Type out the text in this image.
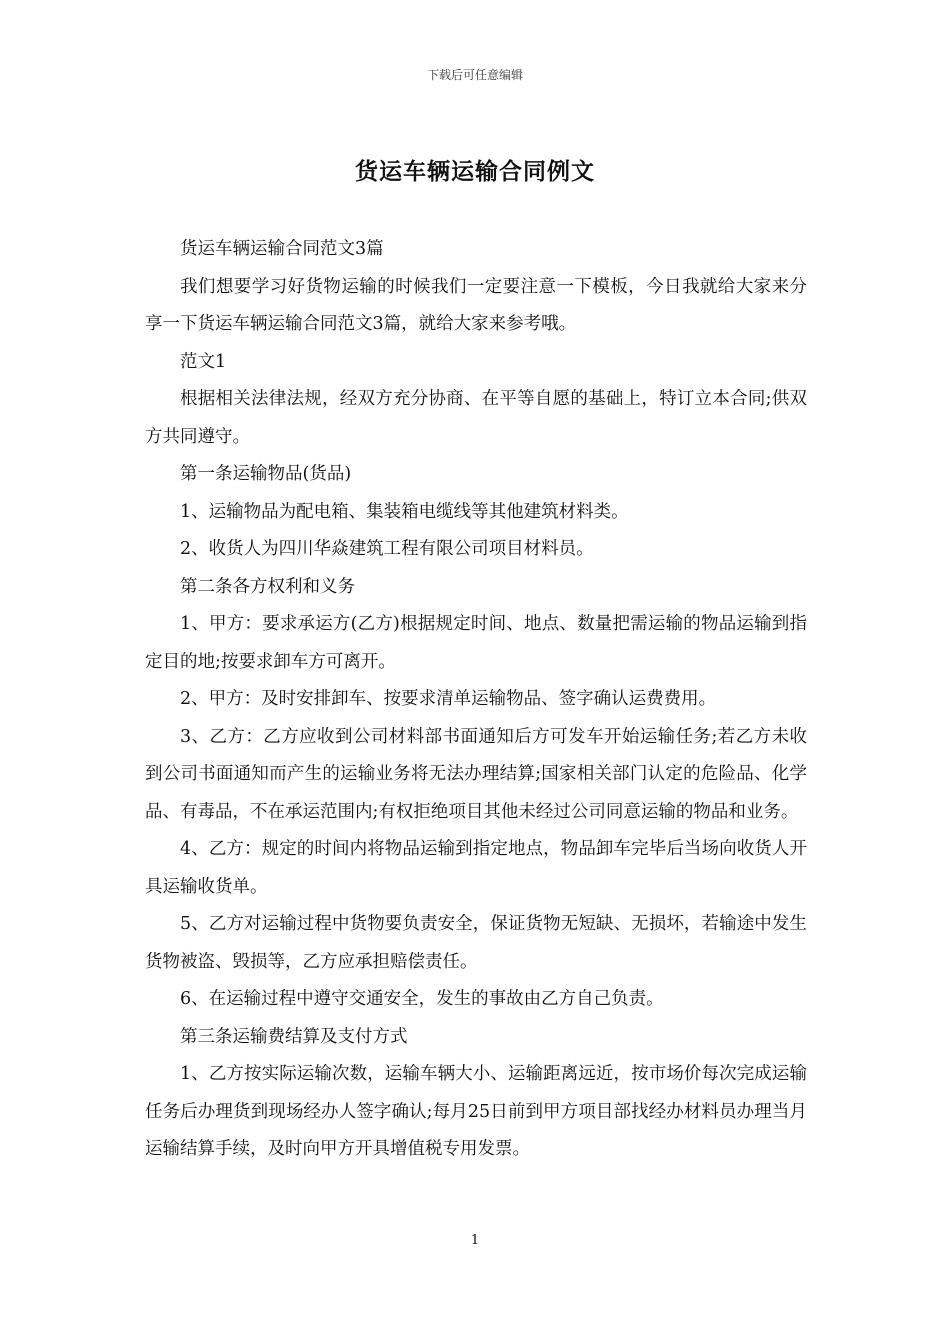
下载后可任意编辑
货运车辆运输合同例文

货运车辆运输合同范文3篇

我们想要学习好货物运输的时候我们一定要注意一下模板，今日我就给大家来分享一下货运车辆运输合同范文3篇，就给大家来参考哦。

范文1

根据相关法律法规，经双方充分协商、在平等自愿的基础上，特订立本合同;供双方共同遵守。

第一条运输物品(货品)

1、运输物品为配电箱、集装箱电缆线等其他建筑材料类。

2、收货人为四川华焱建筑工程有限公司项目材料员。

第二条各方权利和义务

1、甲方：要求承运方(乙方)根据规定时间、地点、数量把需运输的物品运输到指定目的地;按要求卸车方可离开。

2、甲方：及时安排卸车、按要求清单运输物品、签字确认运费费用。

3、乙方：乙方应收到公司材料部书面通知后方可发车开始运输任务;若乙方未收到公司书面通知而产生的运输业务将无法办理结算;国家相关部门认定的危险品、化学品、有毒品，不在承运范围内;有权拒绝项目其他未经过公司同意运输的物品和业务。

4、乙方：规定的时间内将物品运输到指定地点，物品卸车完毕后当场向收货人开具运输收货单。

5、乙方对运输过程中货物要负责安全，保证货物无短缺、无损坏，若输途中发生货物被盗、毁损等，乙方应承担赔偿责任。

6、在运输过程中遵守交通安全，发生的事故由乙方自己负责。

第三条运输费结算及支付方式

1、乙方按实际运输次数，运输车辆大小、运输距离远近，按市场价每次完成运输任务后办理货到现场经办人签字确认;每月25日前到甲方项目部找经办材料员办理当月运输结算手续，及时向甲方开具增值税专用发票。

1
